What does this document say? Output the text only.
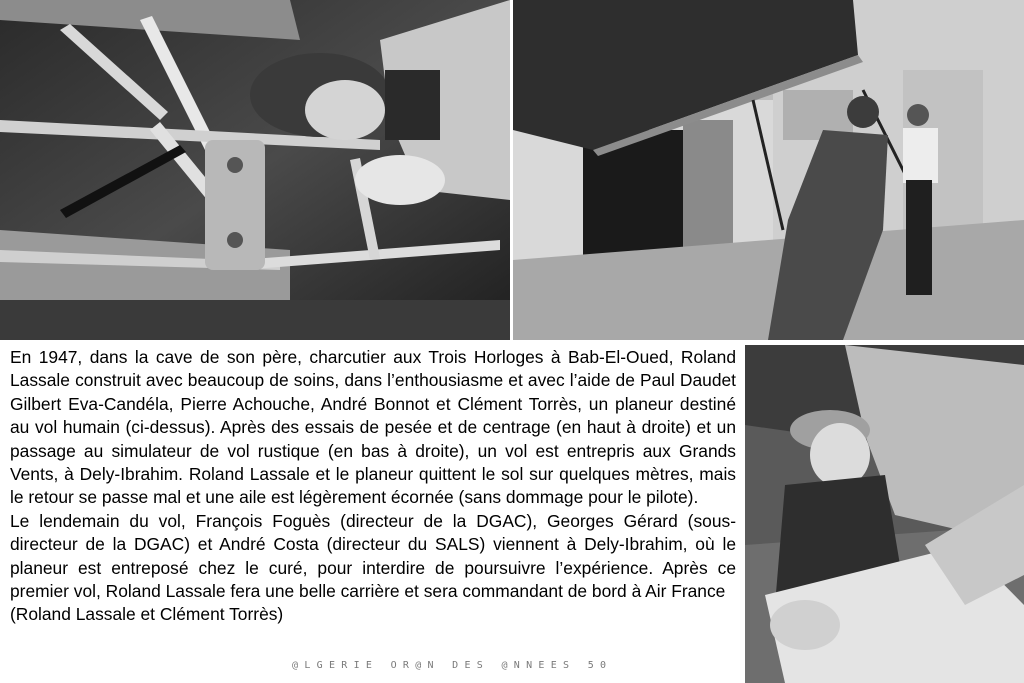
En 1947, dans la cave de son père, charcutier aux Trois Horloges à Bab-El-Oued, Roland Lassale construit avec beaucoup de soins, dans l’enthousiasme et avec l’aide de Paul Daudet Gilbert Eva-Candéla, Pierre Achouche, André Bonnot et Clément Torrès, un planeur destiné au vol humain (ci-dessus). Après des essais de pesée et de centrage (en haut à droite) et un passage au simulateur de vol rustique (en bas à droite), un vol est entrepris aux Grands Vents, à Dely-Ibrahim. Roland Lassale et le planeur quittent le sol sur quelques mètres, mais le retour se passe mal et une aile est légèrement écornée (sans dommage pour le pilote).

Le lendemain du vol, François Foguès (directeur de la DGAC), Georges Gérard (sous-directeur de la DGAC) et André Costa (directeur du SALS) viennent à Dely-Ibrahim, où le planeur est entreposé chez le curé, pour interdire de poursuivre l’expérience. Après ce premier vol, Roland Lassale fera une belle carrière et sera commandant de bord à Air France

(Roland Lassale et Clément Torrès)

@LGERIE OR@N DES @NNEES 50
